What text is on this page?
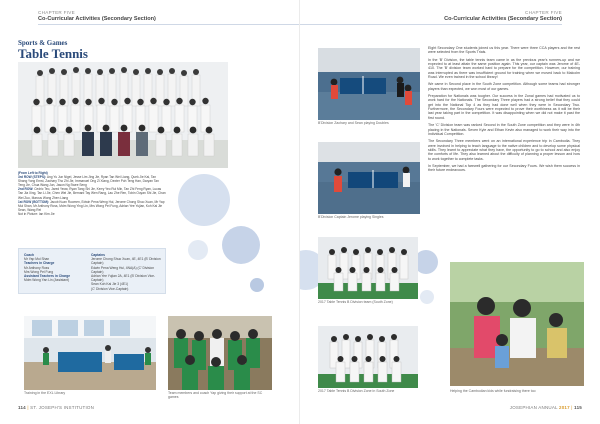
CHAPTER FIVE
Co-Curricular Activities (Secondary Section)
Sports & Games
Table Tennis
(From Left to Right)
3rd ROW (STEPS): Ang Yu Jun Nigel, Jesse Lim Jing Jie, Ryan Tan Wei Liang, Quek Jie Kai, Tan Shang Yong Ernst, Zachary Tho Zhi Jie, Immanuel Ong Zi Xiang, Dexter Poh Teng Han, Daryan Tan Teng Jie, Chua Wang Jun, Jason Ng Swee Seng
2nd ROW: Cedric Teo, Jared Yeow, Ryan Tang Shi Jie, Kerry Yeo Rui Min, Tan Zhi Feng Ryan, Lucas Tan Jia Xing, Tan Li Jie, Chen Wei Jie, Bernard Tay Wen Rang, Lau Zhe Ren, Tobin Ouyan Shi Jie, Chan Wei Zuo, Marcus Wong Zhen Liang
1st ROW (BOTTOM): Jacob Kuan Ruomen, Edwin Pena Weng Hui, Jerome Chong Shuo Xuan, Mr Yap Mui Shan, Mr Anthony Ross, Mdm Wong Ying Lin, Mrs Wong Pei Fung, Adrian Yee Yujian, Koh Kai Jie Sean, Wang Rei
Not in Picture: Ian Kim Jie
Coach
Mr Yap Mui Shan
Teachers in Charge
Mr Anthony Ross
Mrs Wong Pei Fung
Assistant Teachers in Charge
Mdm Wong Yan Lin (Assistant)
Captains
Jerome Chong Shuo Xuan, 4E, 4E1 (B' Division Captain)
Edwin Pena Weng Hui, 4NA(A) (C' Division Captain)
Adrian Yee Yujian 2A, 4E1 (B' Division Vice-Captain)
Sean Koh Kai Jie 3 (4E1)
(C' Division Vice-Captain)
Training in the EXL Library	Team members and coach Yap giving their support at the SC games
114 | ST. JOSEPH'S INSTITUTION
CHAPTER FIVE
Co-Curricular Activities (Secondary Section)
B'Division Zachary and Sean playing Doubles
B'Division Captain Jerome playing Singles

Eight Secondary One students joined us this year. There were three CCA players and the rest were selected from the Sports Trials.

In the 'B' Division, the table tennis team came in as the previous year's runners-up and we expected to at least attain the same position again. This year, our captain was Jerome of 4E-410. The 'B' division team worked hard to prepare for the competition. However, our training was interrupted as there was insufficient ground for training when we moved back to Malcolm Road. We even trained in the school library!

We came in Second place in the South Zone competition. Although some teams had stronger players than expected, we won most of our games.

Preparation for Nationals was tougher. Our success in the Zonal games had motivated us to work hard for the Nationals. The Secondary Three players had a strong belief that they could get into the National Top 4 as they had done well when they were in Secondary Two. Furthermore, the Secondary Fours were expected to prove their worthiness as it will be their last year taking part in the competition. It was disappointing when we did not make it past the first round.

The 'C' Division team was ranked Second in the South Zone competition and they were in 4th placing in the Nationals. Seven Kyle and Ethan Kevin also managed to work their way into the Individual Competition.

The Secondary Three members went on an international experience trip in Cambodia. They were involved in helping to teach language to the native children and to develop some physical skills. They learnt to appreciate what they have, the opportunity to go to school and also enjoy the comforts of life. They also learned about the difficulty of planning a proper lesson and how to work together to complete tasks.

In September, we had a farewell gathering for our Secondary Fours. We wish them success in their future endeavours.

2017 Table Tennis B Division team (South Zone)
2017 Table Tennis B Division Zone in South Zone	Helping the Cambodian kids while fundraising there too
JOSEPHIAN ANNUAL 2017 | 115
